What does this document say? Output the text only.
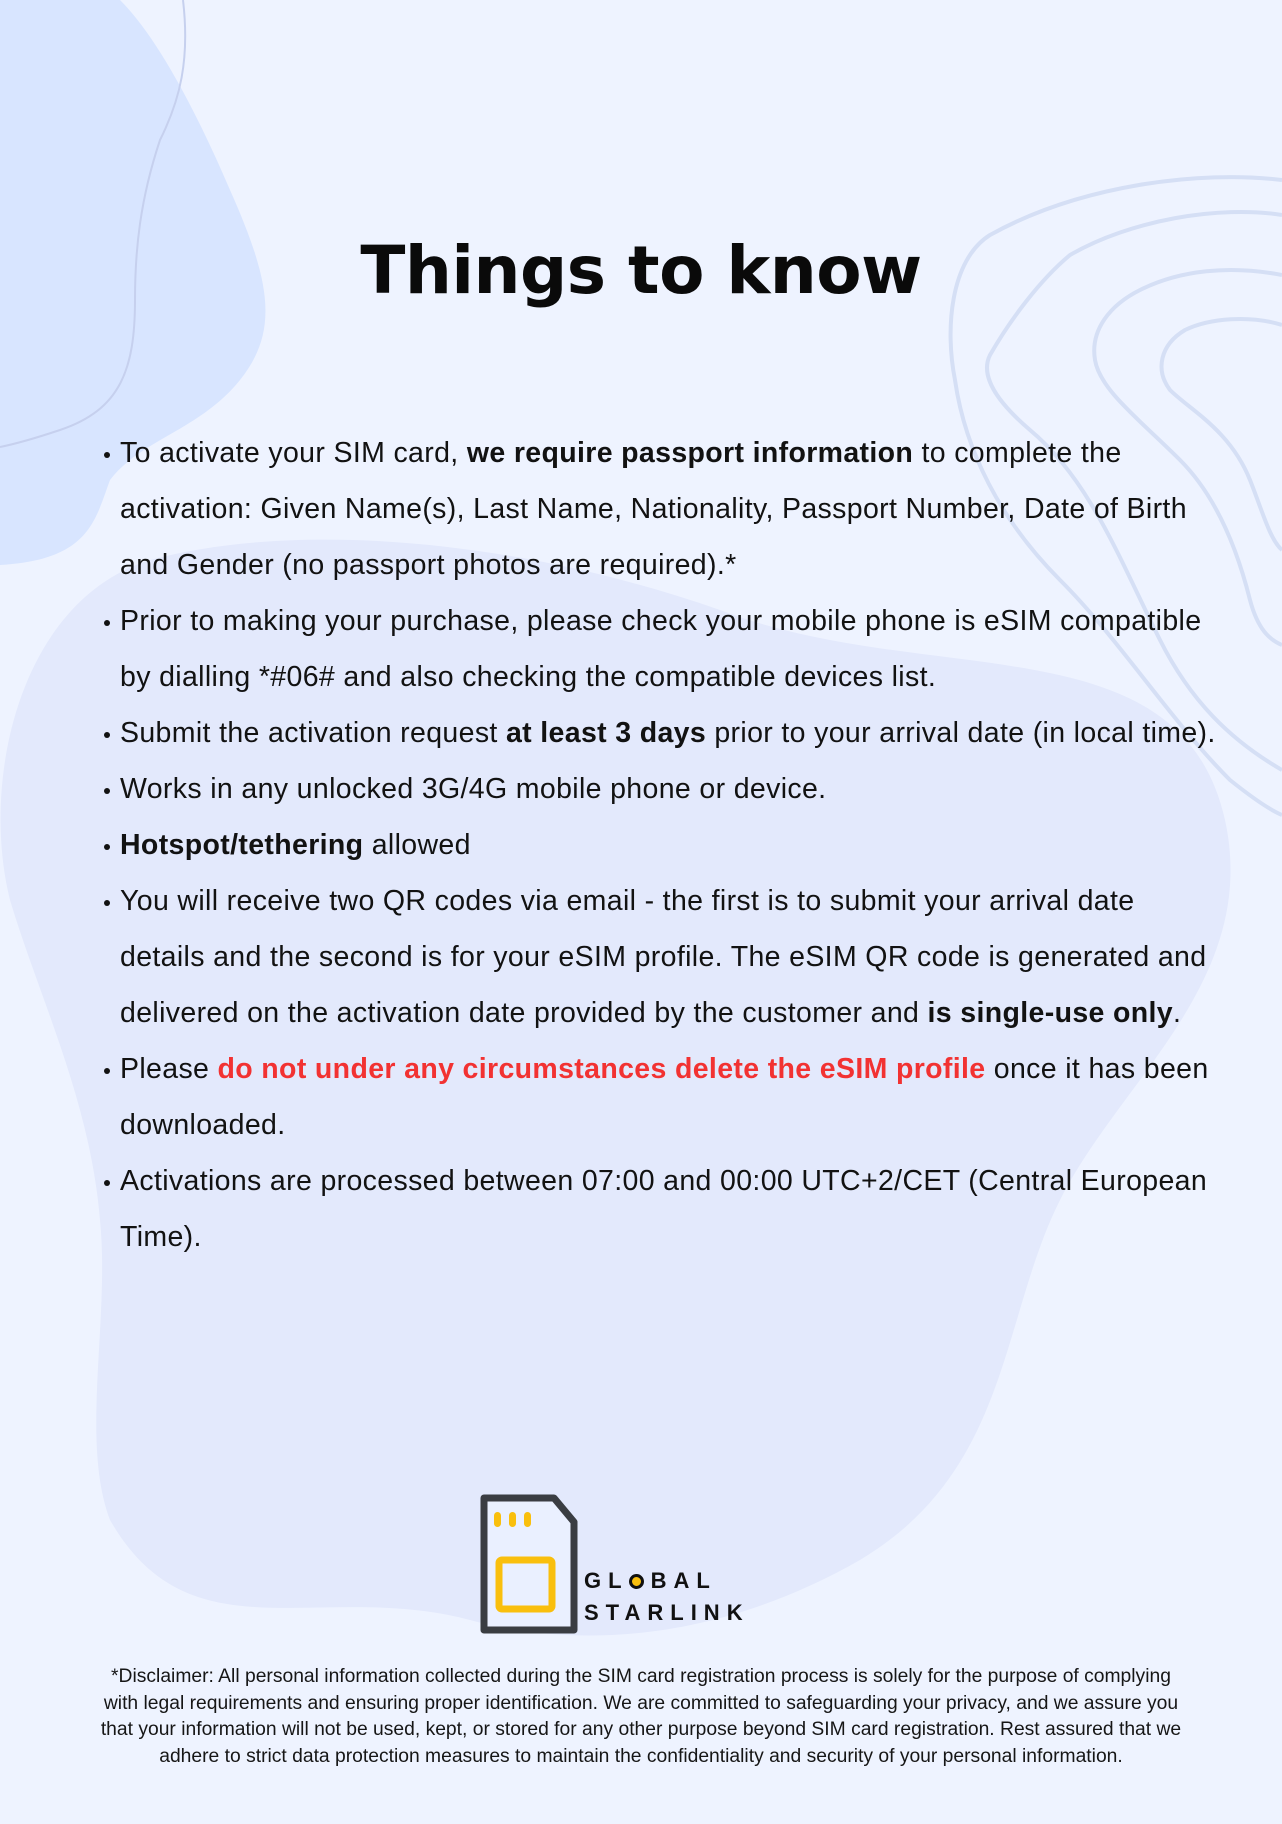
Things to know
To activate your SIM card, we require passport information to complete the activation: Given Name(s), Last Name, Nationality, Passport Number, Date of Birth and Gender (no passport photos are required).*
Prior to making your purchase, please check your mobile phone is eSIM compatible by dialling *#06# and also checking the compatible devices list.
Submit the activation request at least 3 days prior to your arrival date (in local time).
Works in any unlocked 3G/4G mobile phone or device.
Hotspot/tethering allowed
You will receive two QR codes via email - the first is to submit your arrival date details and the second is for your eSIM profile. The eSIM QR code is generated and delivered on the activation date provided by the customer and is single-use only.
Please do not under any circumstances delete the eSIM profile once it has been downloaded.
Activations are processed between 07:00 and 00:00 UTC+2/CET (Central European Time).
GL BAL
STARLINK

*Disclaimer: All personal information collected during the SIM card registration process is solely for the purpose of complying with legal requirements and ensuring proper identification. We are committed to safeguarding your privacy, and we assure you that your information will not be used, kept, or stored for any other purpose beyond SIM card registration. Rest assured that we adhere to strict data protection measures to maintain the confidentiality and security of your personal information.
